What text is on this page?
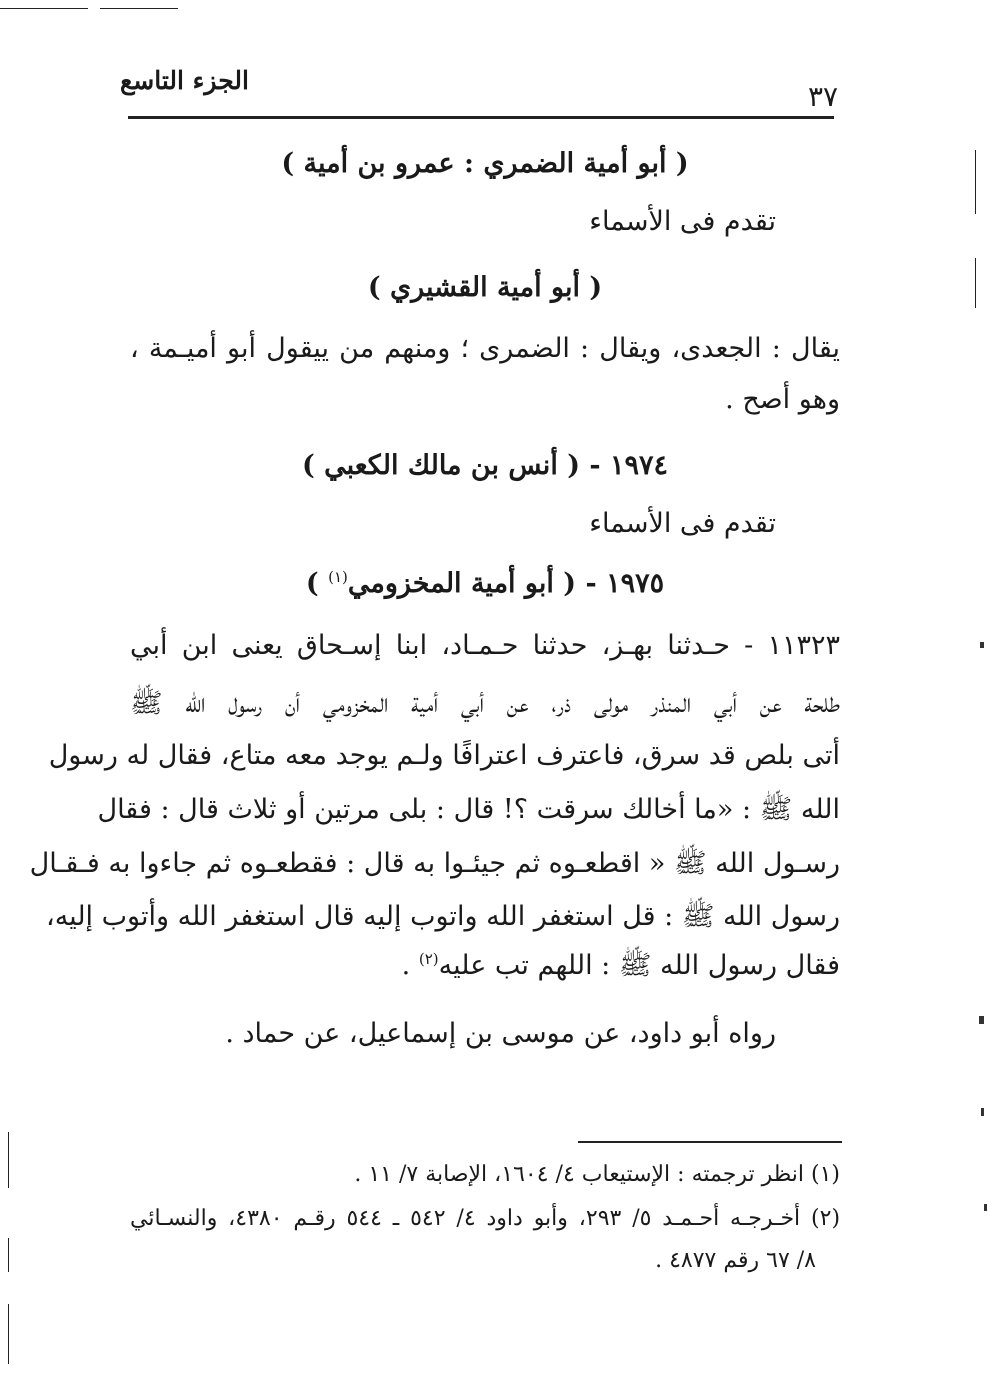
الجزء التاسع	٣٧
( أبو أمية الضمري : عمرو بن أمية )
تقدم فى الأسماء
( أبو أمية القشيري )
يقال : الجعدى، ويقال : الضمرى ؛ ومنهم من ييقول أبو أميـمة ،
وهو أصح .
١٩٧٤ - ( أنس بن مالك الكعبي )
تقدم فى الأسماء
١٩٧٥ - ( أبو أمية المخزومي$^{(١)}$ )
١١٣٢٣ - حـدثنا بهـز، حدثنا حـمـاد، ابنا إسـحاق يعنى ابن أبي
طلحة عن أبي المنذر مولى ذر، عن أبي أمية المخزومي أن رسول الله ﷺ
أتى بلص قد سرق، فاعترف اعترافًا ولـم يوجد معه متاع، فقال له رسول
الله ﷺ : «ما أخالك سرقت ؟! قال : بلى مرتين أو ثلاث قال : فقال
رسـول الله ﷺ « اقطعـوه ثم جيئـوا به قال : فقطعـوه ثم جاءوا به فـقـال
رسول الله ﷺ : قل استغفر الله واتوب إليه قال استغفر الله وأتوب إليه،
فقال رسول الله ﷺ : اللهم تب عليه$^{(٢)}$ .
رواه أبو داود، عن موسى بن إسماعيل، عن حماد .
(١) انظر ترجمته : الإستيعاب ٤/ ١٦٠٤، الإصابة ٧/ ١١ .
(٢) أخـرجـه أحـمـد ٥/ ٢٩٣، وأبو داود ٤/ ٥٤٢ ـ ٥٤٤ رقـم ٤٣٨٠، والنسـائي
٨/ ٦٧ رقم ٤٨٧٧ .
